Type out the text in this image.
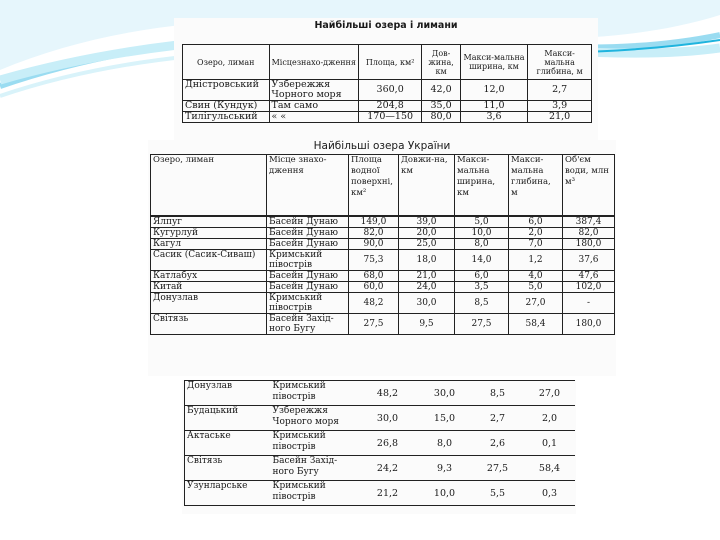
Найбільші озера і лимани
Озеро, лиман	Місцезнахо-дження	Площа, км²	Дов-жина, км	Макси-мальна ширина, км	Макси-мальна глибина, м
Дністровський	Узбережжя Чорного моря	360,0	42,0	12,0	2,7
Свин (Кундук)	Там само	204,8	35,0	11,0	3,9
Тилігульський	« «	170—150	80,0	3,6	21,0
Найбільші озера України
Озеро, лиман	Місце знахо-дження	Площа водної поверхні, км²	Довжи-на, км	Макси-мальна ширина, км	Макси-мальна глибина, м	Об'єм води, млн м³
Ялпуг	Басейн Дунаю	149,0	39,0	5,0	6,0	387,4
Кугурлуй	Басейн Дунаю	82,0	20,0	10,0	2,0	82,0
Кагул	Басейн Дунаю	90,0	25,0	8,0	7,0	180,0
Сасик (Сасик-Сиваш)	Кримський півострів	75,3	18,0	14,0	1,2	37,6
Катлабух	Басейн Дунаю	68,0	21,0	6,0	4,0	47,6
Китай	Басейн Дунаю	60,0	24,0	3,5	5,0	102,0
Донузлав	Кримський півострів	48,2	30,0	8,5	27,0	-
Світязь	Басейн Захід-ного Бугу	27,5	9,5	27,5	58,4	180,0
Донузлав	Кримський півострів	48,2	30,0	8,5	27,0
Будацький	Узбережжя Чорного моря	30,0	15,0	2,7	2,0
Актаське	Кримський півострів	26,8	8,0	2,6	0,1
Світязь	Басейн Захід-ного Бугу	24,2	9,3	27,5	58,4
Узунларське	Кримський півострів	21,2	10,0	5,5	0,3
